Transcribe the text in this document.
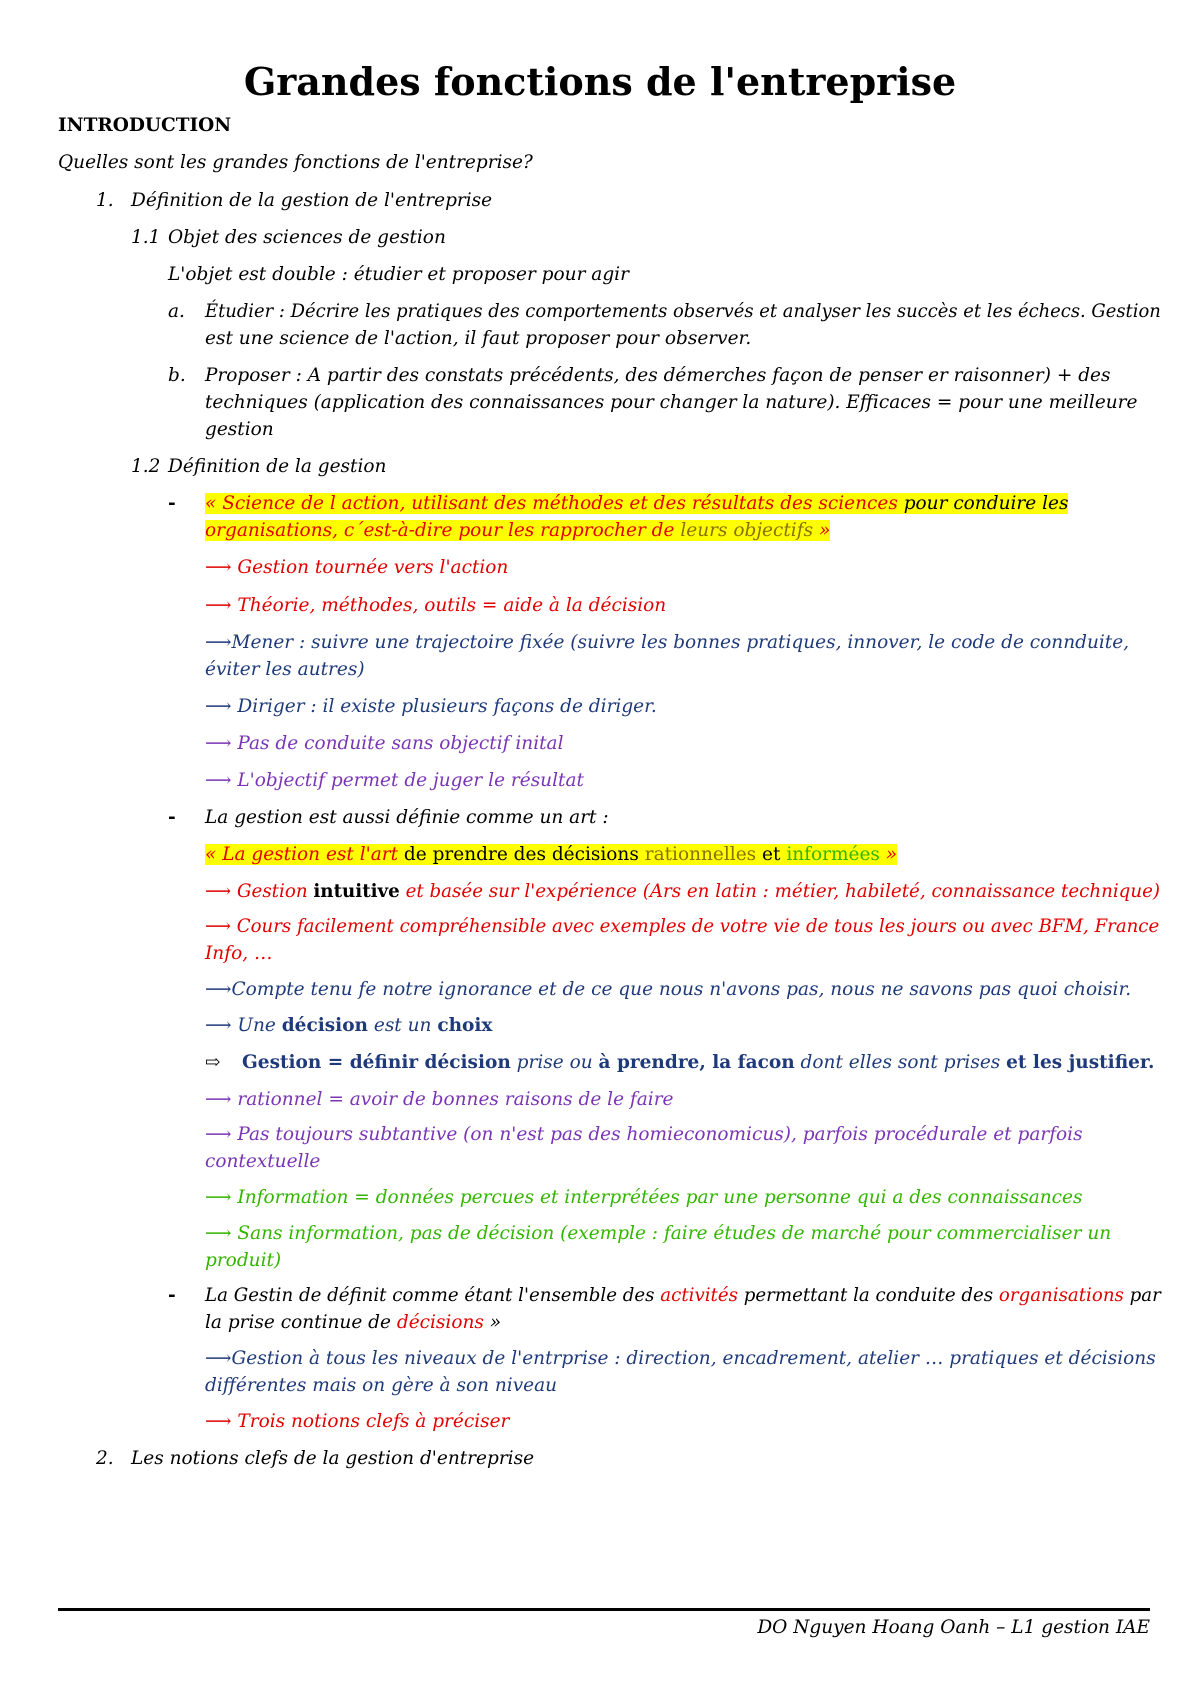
Grandes fonctions de l'entreprise
INTRODUCTION
Quelles sont les grandes fonctions de l'entreprise?
1. Définition de la gestion de l'entreprise
1.1 Objet des sciences de gestion
L'objet est double : étudier et proposer pour agir
a. Étudier : Décrire les pratiques des comportements observés et analyser les succès et les échecs. Gestion
est une science de l'action, il faut proposer pour observer.
b. Proposer : A partir des constats précédents, des démerches façon de penser er raisonner) + des
techniques (application des connaissances pour changer la nature). Efficaces = pour une meilleure
gestion
1.2 Définition de la gestion
- « Science de l action, utilisant des méthodes et des résultats des sciences pour conduire les
organisations, c´est-à-dire pour les rapprocher de leurs objectifs »
⟶ Gestion tournée vers l'action
⟶ Théorie, méthodes, outils = aide à la décision
⟶Mener : suivre une trajectoire fixée (suivre les bonnes pratiques, innover, le code de connduite,
éviter les autres)
⟶ Diriger : il existe plusieurs façons de diriger.
⟶ Pas de conduite sans objectif inital
⟶ L'objectif permet de juger le résultat
- La gestion est aussi définie comme un art :
« La gestion est l'art de prendre des décisions rationnelles et informées »
⟶ Gestion intuitive et basée sur l'expérience (Ars en latin : métier, habileté, connaissance technique)
⟶ Cours facilement compréhensible avec exemples de votre vie de tous les jours ou avec BFM, France
Info, …
⟶Compte tenu fe notre ignorance et de ce que nous n'avons pas, nous ne savons pas quoi choisir.
⟶ Une décision est un choix
⇨ Gestion = définir décision prise ou à prendre, la facon dont elles sont prises et les justifier.
⟶ rationnel = avoir de bonnes raisons de le faire
⟶ Pas toujours subtantive (on n'est pas des homieconomicus), parfois procédurale et parfois
contextuelle
⟶ Information = données percues et interprétées par une personne qui a des connaissances
⟶ Sans information, pas de décision (exemple : faire études de marché pour commercialiser un
produit)
- La Gestin de définit comme étant l'ensemble des activités permettant la conduite des organisations par
la prise continue de décisions »
⟶Gestion à tous les niveaux de l'entrprise : direction, encadrement, atelier … pratiques et décisions
différentes mais on gère à son niveau
⟶ Trois notions clefs à préciser
2. Les notions clefs de la gestion d'entreprise
DO Nguyen Hoang Oanh – L1 gestion IAE
